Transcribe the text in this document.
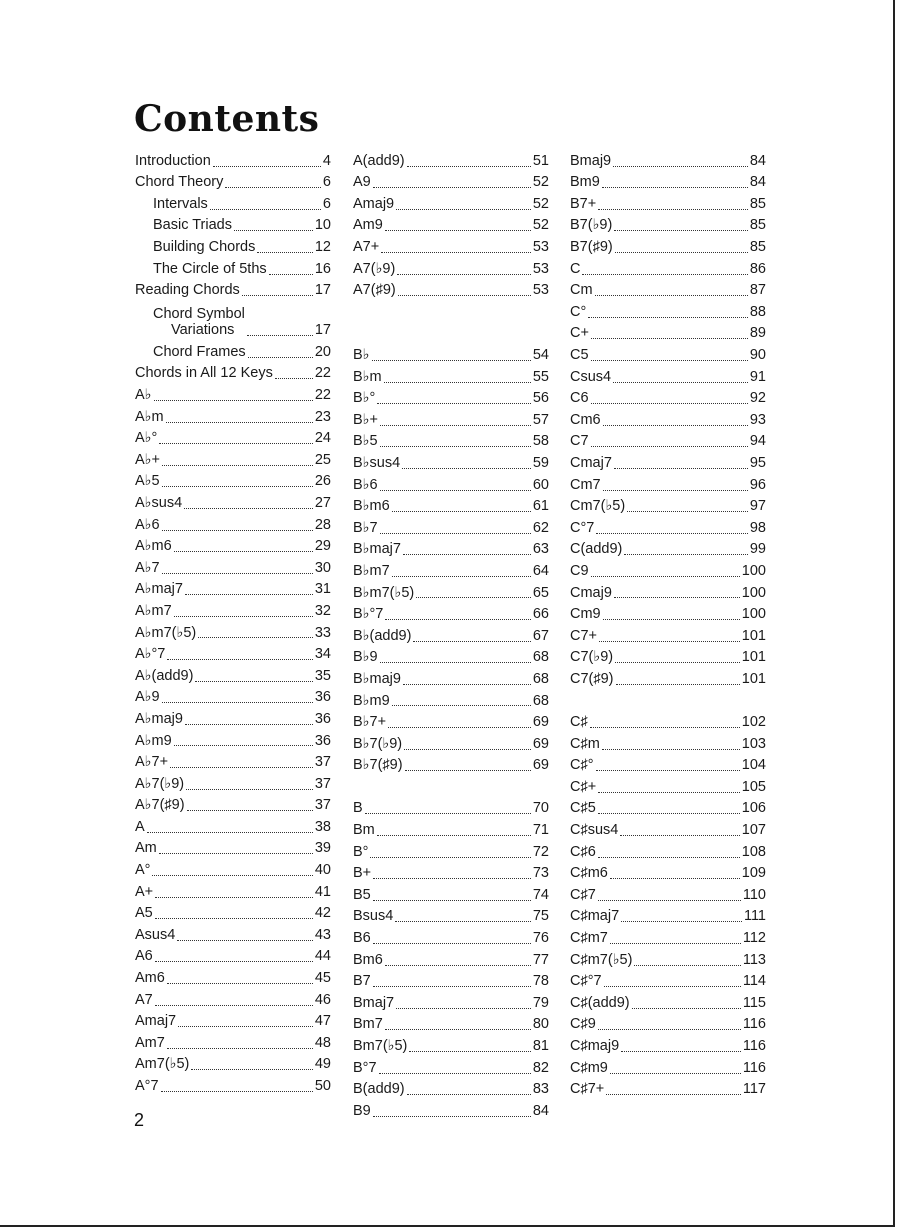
Contents
Introduction	4
Chord Theory	6
Intervals	6
Basic Triads	10
Building Chords	12
The Circle of 5ths	16
Reading Chords	17
Chord Symbol
Variations	17
Chord Frames	20
Chords in All 12 Keys	22
A♭	22
A♭m	23
A♭°	24
A♭+	25
A♭5	26
A♭sus4	27
A♭6	28
A♭m6	29
A♭7	30
A♭maj7	31
A♭m7	32
A♭m7(♭5)	33
A♭°7	34
A♭(add9)	35
A♭9	36
A♭maj9	36
A♭m9	36
A♭7+	37
A♭7(♭9)	37
A♭7(♯9)	37
A	38
Am	39
A°	40
A+	41
A5	42
Asus4	43
A6	44
Am6	45
A7	46
Amaj7	47
Am7	48
Am7(♭5)	49
A°7	50
A(add9)	51
A9	52
Amaj9	52
Am9	52
A7+	53
A7(♭9)	53
A7(♯9)	53
B♭	54
B♭m	55
B♭°	56
B♭+	57
B♭5	58
B♭sus4	59
B♭6	60
B♭m6	61
B♭7	62
B♭maj7	63
B♭m7	64
B♭m7(♭5)	65
B♭°7	66
B♭(add9)	67
B♭9	68
B♭maj9	68
B♭m9	68
B♭7+	69
B♭7(♭9)	69
B♭7(♯9)	69
B	70
Bm	71
B°	72
B+	73
B5	74
Bsus4	75
B6	76
Bm6	77
B7	78
Bmaj7	79
Bm7	80
Bm7(♭5)	81
B°7	82
B(add9)	83
B9	84
Bmaj9	84
Bm9	84
B7+	85
B7(♭9)	85
B7(♯9)	85
C	86
Cm	87
C°	88
C+	89
C5	90
Csus4	91
C6	92
Cm6	93
C7	94
Cmaj7	95
Cm7	96
Cm7(♭5)	97
C°7	98
C(add9)	99
C9	100
Cmaj9	100
Cm9	100
C7+	101
C7(♭9)	101
C7(♯9)	101
C♯	102
C♯m	103
C♯°	104
C♯+	105
C♯5	106
C♯sus4	107
C♯6	108
C♯m6	109
C♯7	110
C♯maj7	111
C♯m7	112
C♯m7(♭5)	113
C♯°7	114
C♯(add9)	115
C♯9	116
C♯maj9	116
C♯m9	116
C♯7+	117
2
